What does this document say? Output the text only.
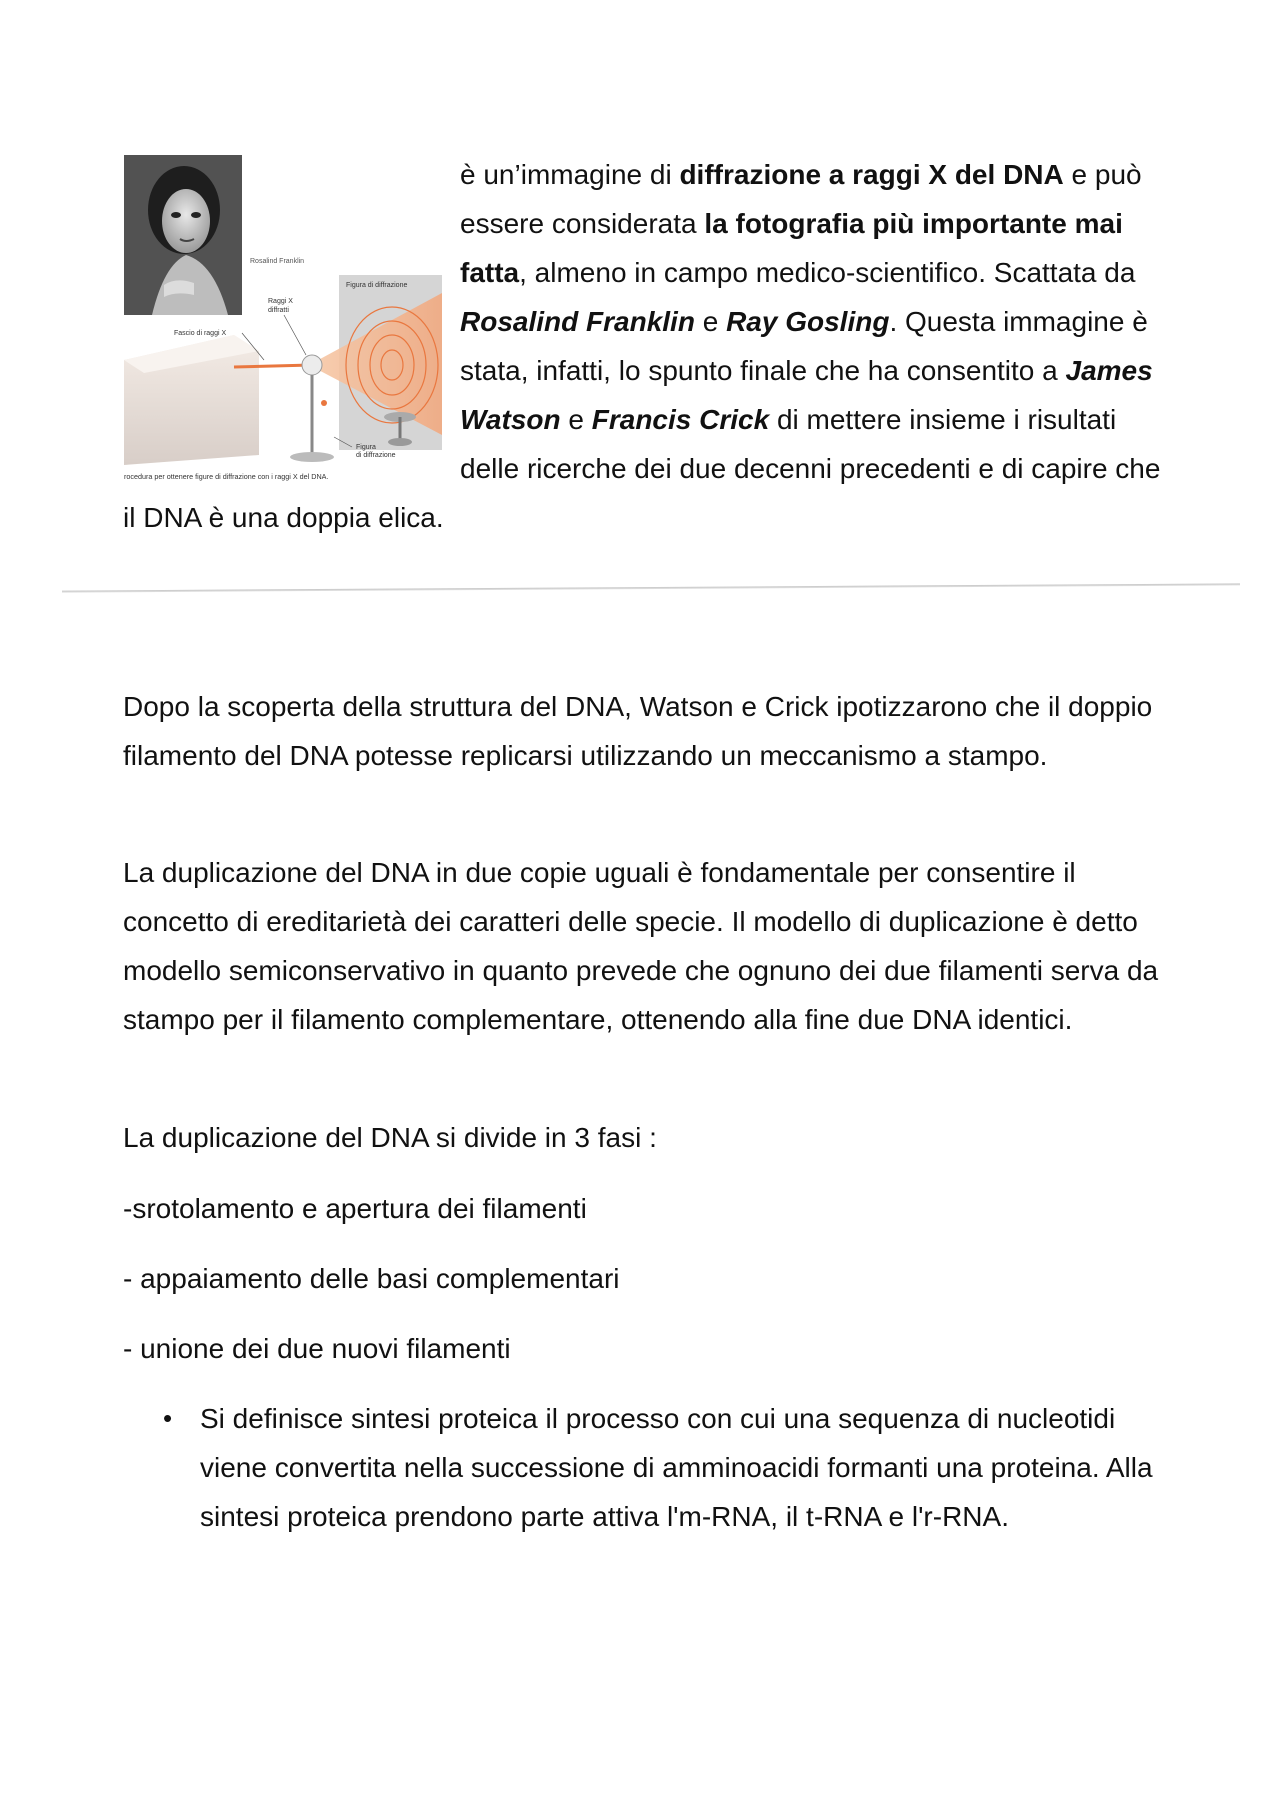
Rosalind Franklin
Figura di diffrazione
Raggi X
diffratti
Fascio di raggi X
Figura
di diffrazione
rocedura per ottenere figure di diffrazione con i raggi X del DNA.

è un’immagine di diffrazione a raggi X del DNA e può essere considerata la fotografia più importante mai fatta, almeno in campo medico-scientifico. Scattata da Rosalind Franklin e Ray Gosling. Questa immagine è stata, infatti, lo spunto finale che ha consentito a James Watson e Francis Crick di mettere insieme i risultati delle ricerche dei due decenni precedenti e di capire che il DNA è una doppia elica.

Dopo la scoperta della struttura del DNA, Watson e Crick ipotizzarono che il doppio filamento del DNA potesse replicarsi utilizzando un meccanismo a stampo.

La duplicazione del DNA in due copie uguali è fondamentale per consentire il concetto di ereditarietà dei caratteri delle specie. Il modello di duplicazione è detto modello semiconservativo in quanto prevede che ognuno dei due filamenti serva da stampo per il filamento complementare, ottenendo alla fine due DNA identici.

La duplicazione del DNA si divide in 3 fasi :

-srotolamento e apertura dei filamenti

- appaiamento delle basi complementari

- unione dei due nuovi filamenti

• Si definisce sintesi proteica il processo con cui una sequenza di nucleotidi viene convertita nella successione di amminoacidi formanti una proteina. Alla sintesi proteica prendono parte attiva l'm-RNA, il t-RNA e l'r-RNA.
